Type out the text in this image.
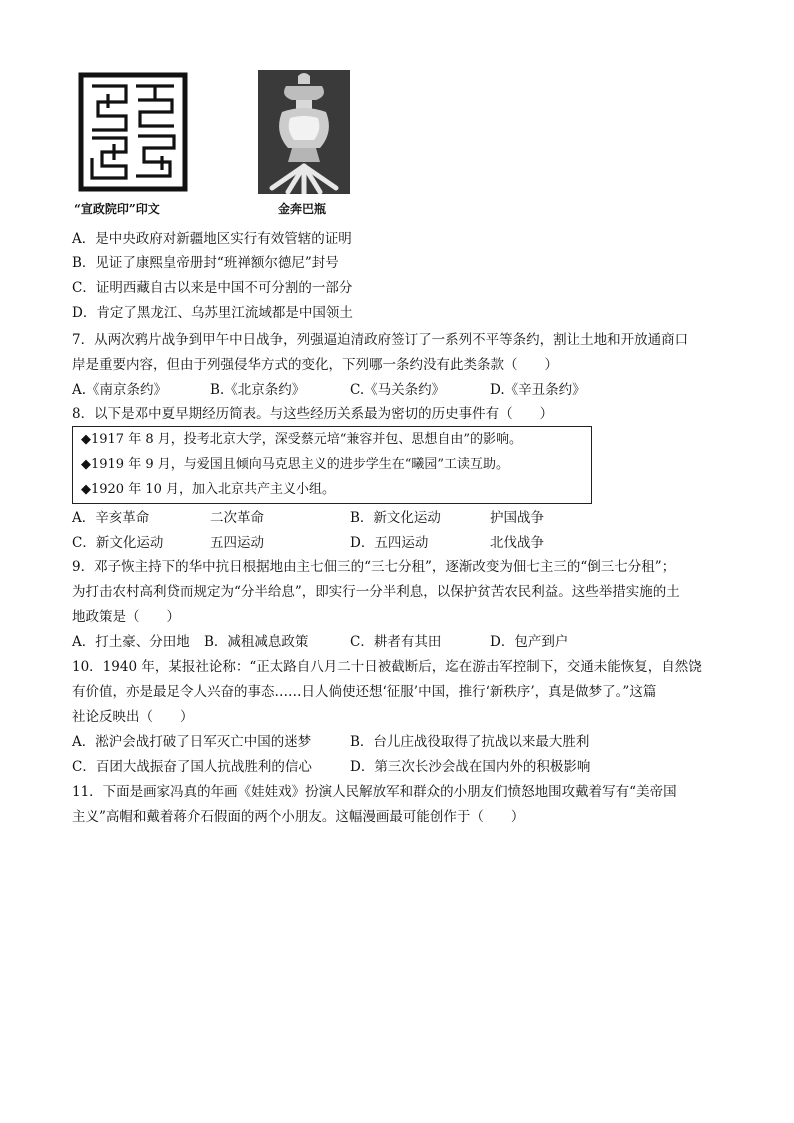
“宣政院印”印文	金奔巴瓶
A．是中央政府对新疆地区实行有效管辖的证明
B．见证了康熙皇帝册封“班禅额尔德尼”封号
C．证明西藏自古以来是中国不可分割的一部分
D．肯定了黑龙江、乌苏里江流域都是中国领土
7．从两次鸦片战争到甲午中日战争，列强逼迫清政府签订了一系列不平等条约，割让土地和开放通商口
岸是重要内容，但由于列强侵华方式的变化，下列哪一条约没有此类条款（　　）
A.《南京条约》	B.《北京条约》	C.《马关条约》	D.《辛丑条约》
8．以下是邓中夏早期经历简表。与这些经历关系最为密切的历史事件有（　　）
◆1917 年 8 月，投考北京大学，深受蔡元培“兼容并包、思想自由”的影响。
◆1919 年 9 月，与爱国且倾向马克思主义的进步学生在“曦园”工读互助。
◆1920 年 10 月，加入北京共产主义小组。
A．辛亥革命	二次革命	B．新文化运动	护国战争
C．新文化运动	五四运动	D．五四运动	北伐战争
9．邓子恢主持下的华中抗日根据地由主七佃三的“三七分租”，逐渐改变为佃七主三的“倒三七分租”；
为打击农村高利贷而规定为“分半给息”，即实行一分半利息，以保护贫苦农民利益。这些举措实施的土
地政策是（　　）
A．打土豪、分田地 B．减租减息政策	C．耕者有其田	D．包产到户
10．1940 年，某报社论称：“正太路自八月二十日被截断后，迄在游击军控制下，交通未能恢复，自然饶
有价值，亦是最足令人兴奋的事态……日人倘使还想‘征服’中国，推行‘新秩序’，真是做梦了。”这篇
社论反映出（　　）
A．淞沪会战打破了日军灭亡中国的迷梦	B．台儿庄战役取得了抗战以来最大胜利
C．百团大战振奋了国人抗战胜利的信心	D．第三次长沙会战在国内外的积极影响
11．下面是画家冯真的年画《娃娃戏》扮演人民解放军和群众的小朋友们愤怒地围攻戴着写有“美帝国
主义”高帽和戴着蒋介石假面的两个小朋友。这幅漫画最可能创作于（　　）
